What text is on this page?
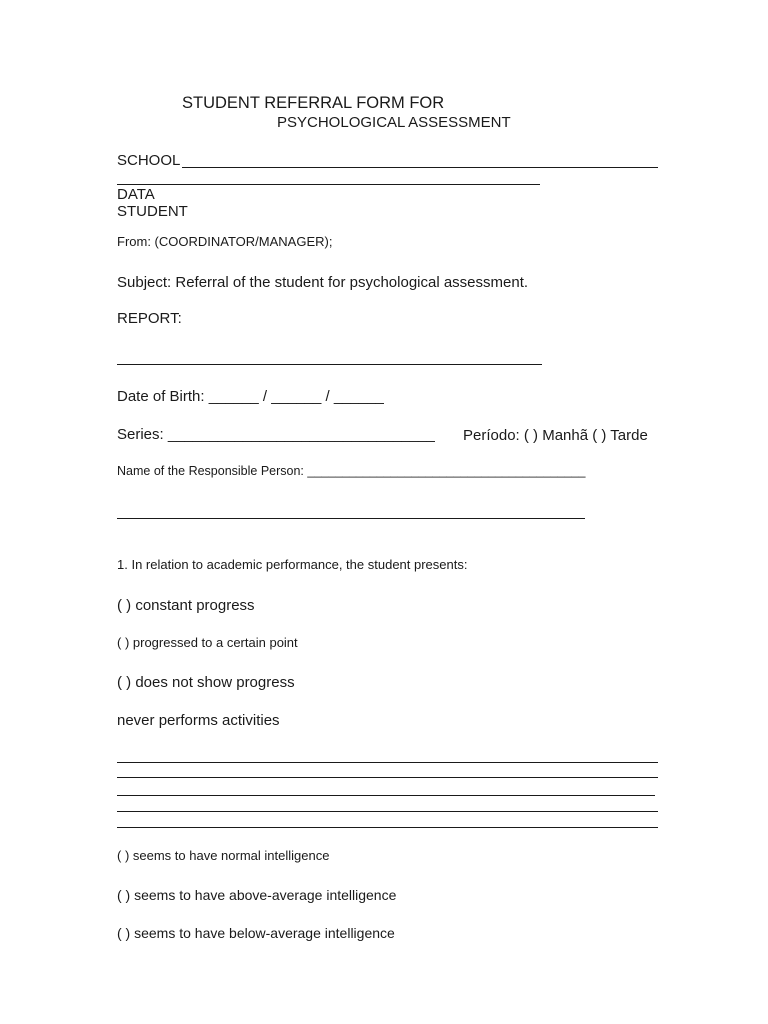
STUDENT REFERRAL FORM FOR
PSYCHOLOGICAL ASSESSMENT
SCHOOL
DATA
STUDENT
From: (COORDINATOR/MANAGER);
Subject: Referral of the student for psychological assessment.
REPORT:
Date of Birth: ______ / ______ / ______
Series: ________________________________ Período: ( ) Manhã ( ) Tarde
Name of the Responsible Person: ________________________________________
1. In relation to academic performance, the student presents:
( ) constant progress
( ) progressed to a certain point
( ) does not show progress
never performs activities
( ) seems to have normal intelligence
( ) seems to have above-average intelligence
( ) seems to have below-average intelligence
